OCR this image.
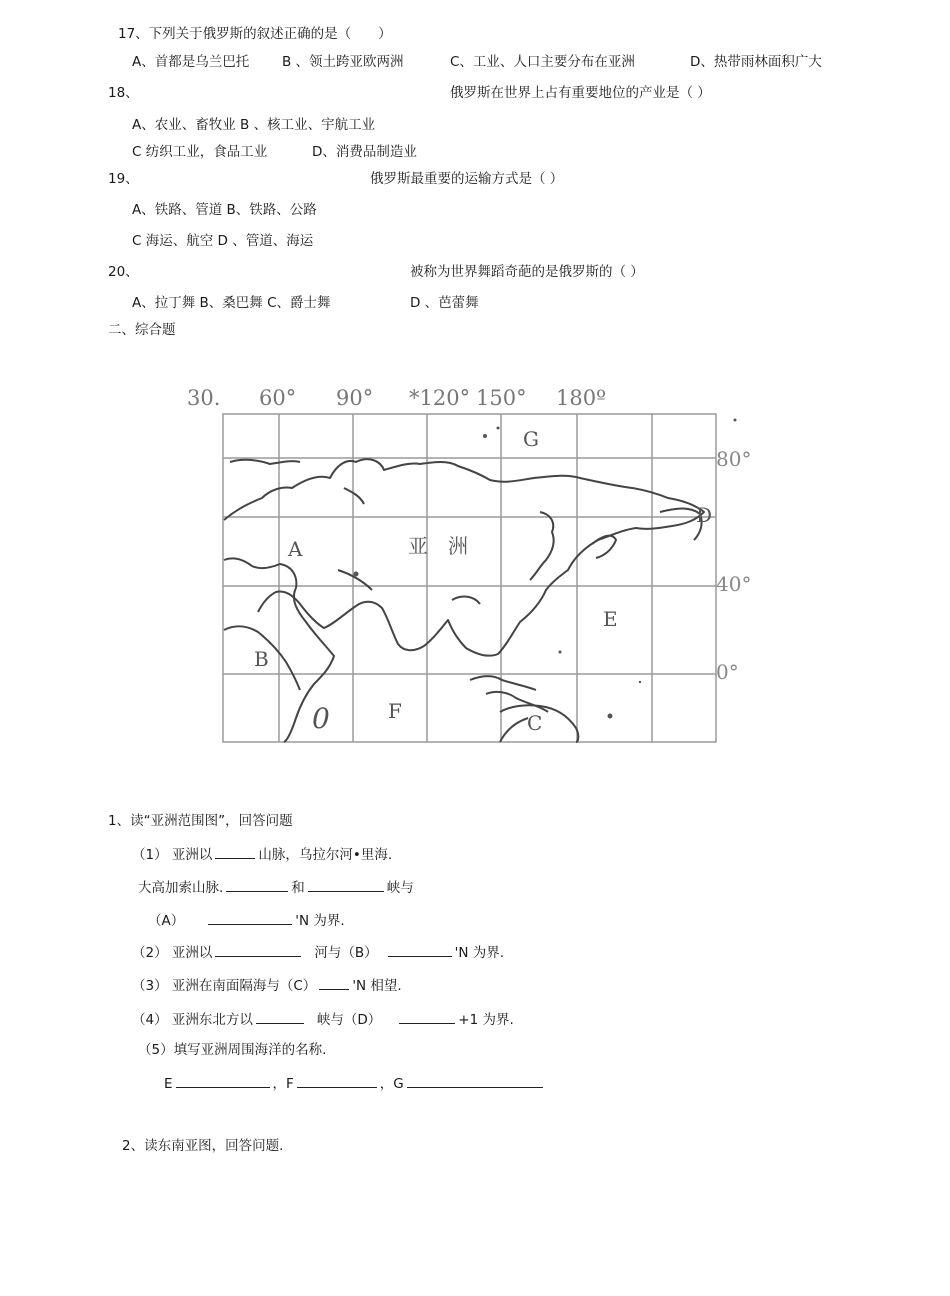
17、下列关于俄罗斯的叙述正确的是（　　）
A、首都是乌兰巴托 B 、领土跨亚欧两洲	C、工业、人口主要分布在亚洲	D、热带雨林面积广大
18、	俄罗斯在世界上占有重要地位的产业是（ ）
A、农业、畜牧业 B 、核工业、宇航工业
C 纺织工业，食品工业	D、消费品制造业
19、	俄罗斯最重要的运输方式是（ ）
A、铁路、管道 B、铁路、公路
C 海运、航空 D 、管道、海运
20、	被称为世界舞蹈奇葩的是俄罗斯的（ ）
A、拉丁舞 B、桑巴舞 C、爵士舞	D 、芭蕾舞
二、综合题
30. 60° 90° *120° 150° 180º
80°
40°
0°
A
B
C
D
E
F
G
0
亚　洲
1、读“亚洲范围图”，回答问题
（1） 亚洲以	山脉，乌拉尔河•里海.
大高加索山脉.	和	峡与
（A）	'N 为界.
（2） 亚洲以	河与（B）	'N 为界.
（3） 亚洲在南面隔海与（C）	'N 相望.
（4） 亚洲东北方以	峡与（D）	+1 为界.
（5）填写亚洲周围海洋的名称.
E	，F	，G
2、读东南亚图，回答问题.
